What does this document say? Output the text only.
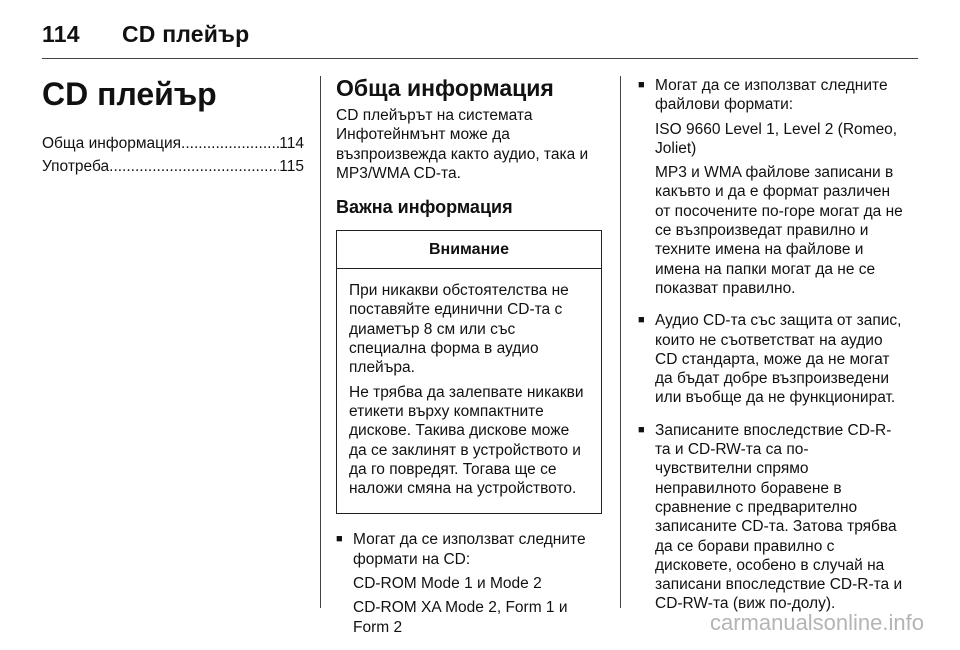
114	CD плейър
CD плейър
Обща информация .....	114
Употреба .....	115
Обща информация

CD плейърът на системата Инфотейнмънт може да възпроизвежда както аудио, така и MP3/WMA CD-та.

Важна информация
Внимание

При никакви обстоятелства не поставяйте единични CD-та с диаметър 8 см или със специална форма в аудио плейъра.

Не трябва да залепвате никакви етикети върху компактните дискове. Такива дискове може да се заклинят в устройството и да го повредят. Тогава ще се наложи смяна на устройството.

■ Могат да се използват следните формати на CD:

CD-ROM Mode 1 и Mode 2

CD-ROM XA Mode 2, Form 1 и Form 2

■ Могат да се използват следните файлови формати:

ISO 9660 Level 1, Level 2 (Romeo, Joliet)

MP3 и WMA файлове записани в какъвто и да е формат различен от посочените по-горе могат да не се възпроизведат правилно и техните имена на файлове и имена на папки могат да не се показват правилно.

■ Аудио CD-та със защита от запис, които не съответстват на аудио CD стандарта, може да не могат да бъдат добре възпроизведени или въобще да не функционират.

■ Записаните впоследствие CD-R-та и CD-RW-та са по-чувствителни спрямо неправилното боравене в сравнение с предварително записаните CD-та. Затова трябва да се борави правилно с дисковете, особено в случай на записани впоследствие CD-R-та и CD-RW-та (виж по-долу).

carmanualsonline.info
